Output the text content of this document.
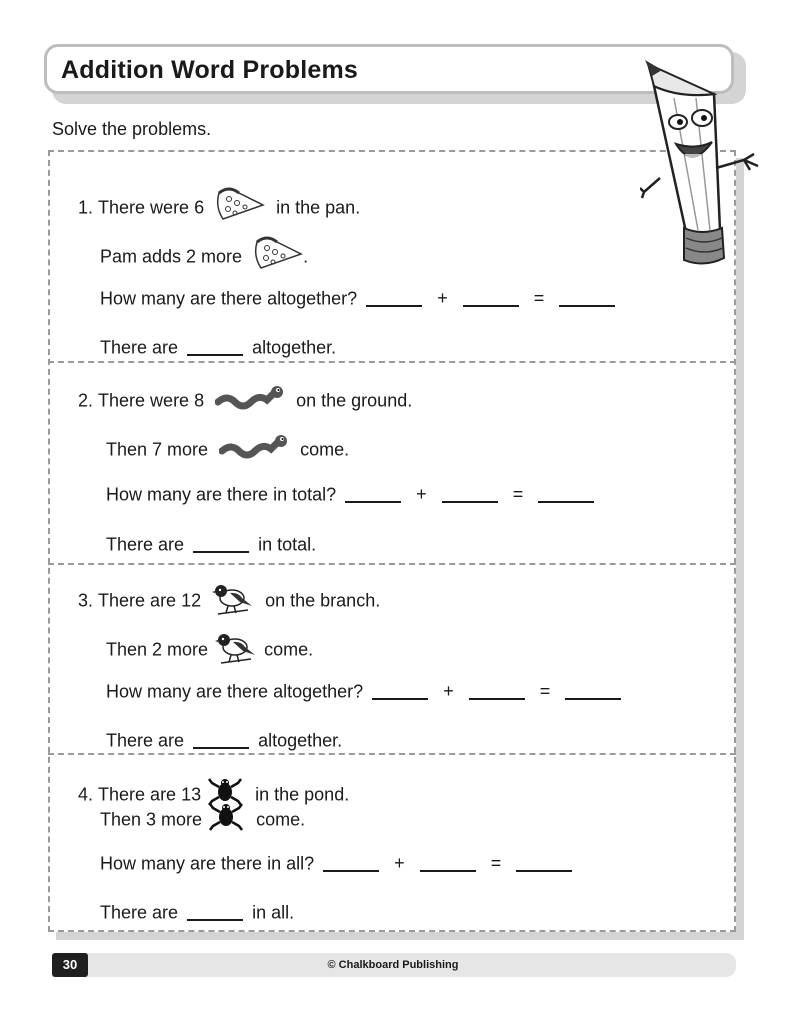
Addition Word Problems
Solve the problems.
1. There were 6	in the pan.
Pam adds 2 more	.
How many are there altogether?	+	=
There are	altogether.
2. There were 8	on the ground.
Then 7 more	come.
How many are there in total?	+	=
There are	in total.
3. There are 12	on the branch.
Then 2 more	come.
How many are there altogether?	+	=
There are	altogether.
4. There are 13	in the pond.
Then 3 more	come.
How many are there in all?	+	=
There are	in all.
30	© Chalkboard Publishing
